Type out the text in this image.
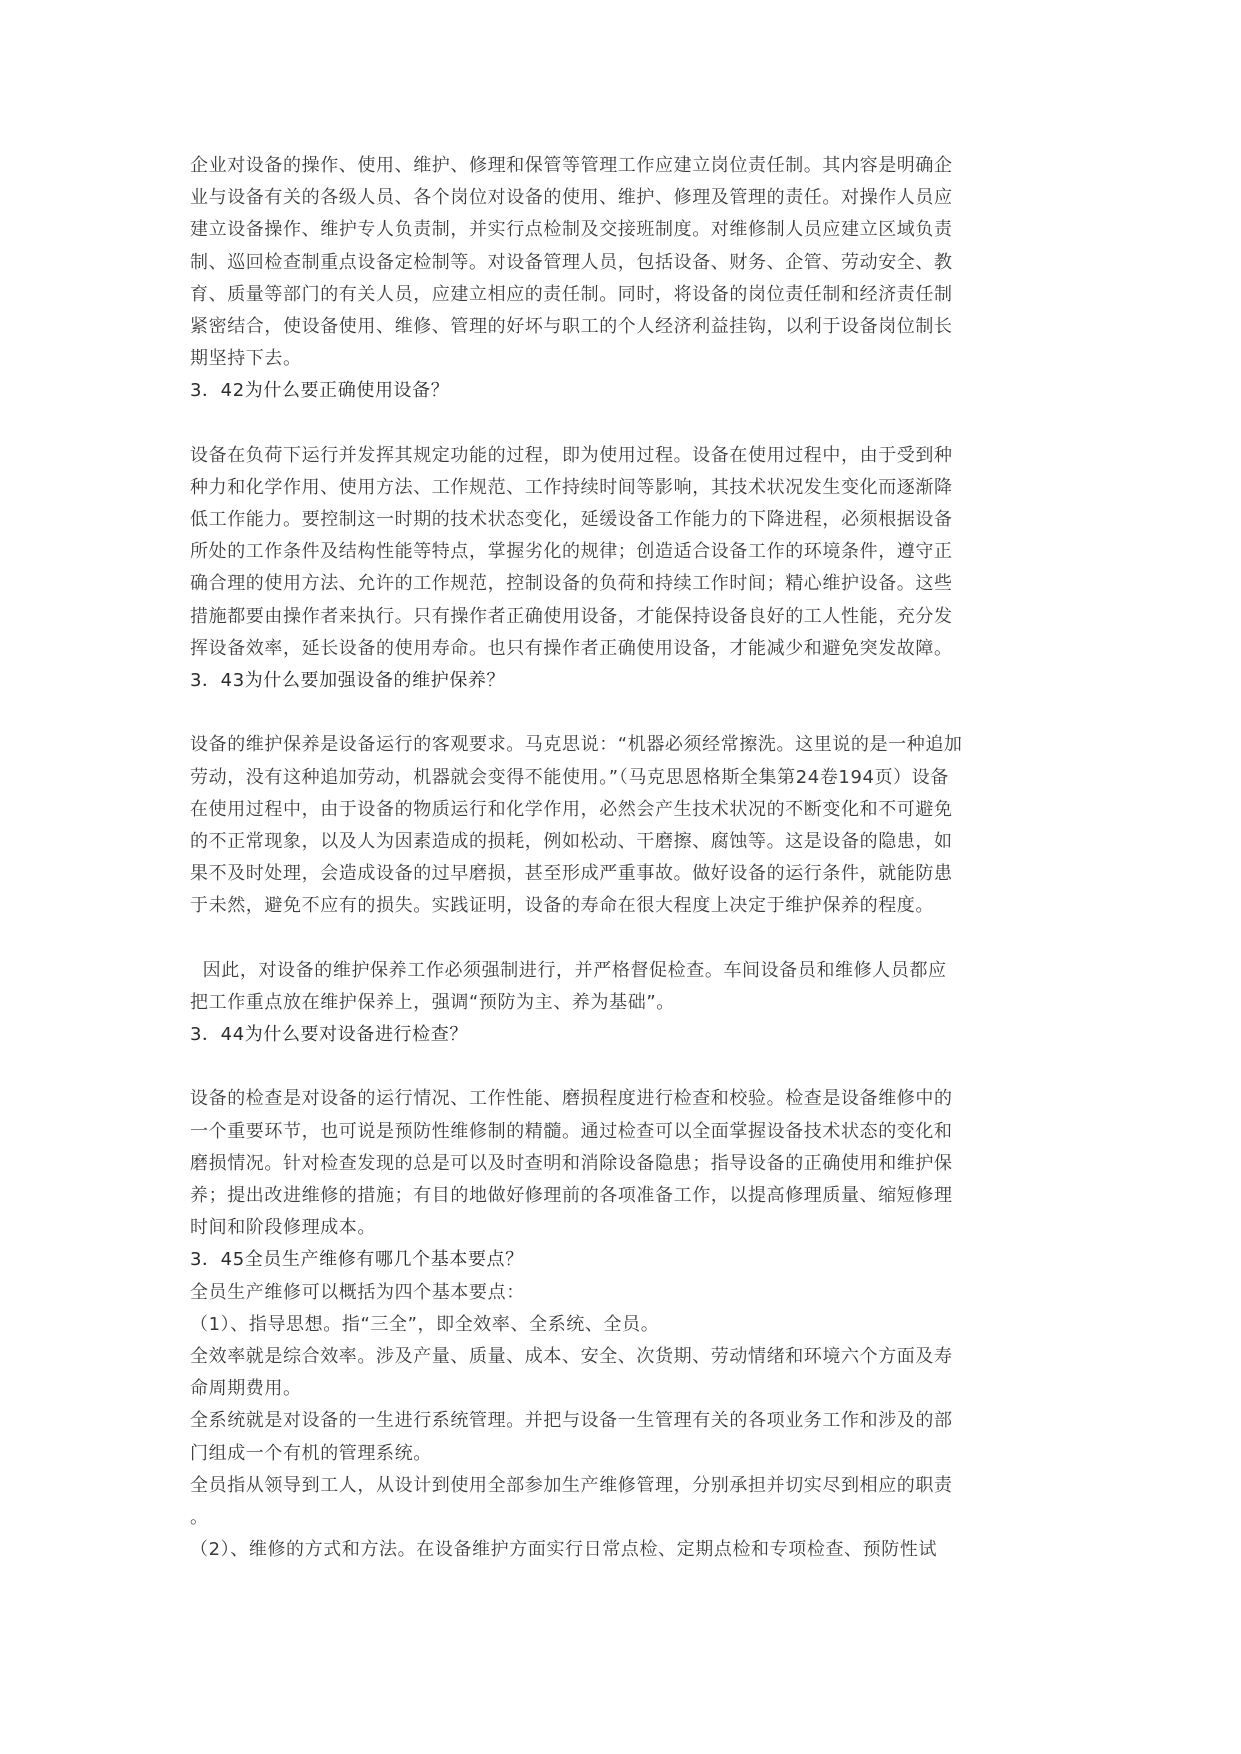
企业对设备的操作、使用、维护、修理和保管等管理工作应建立岗位责任制。其内容是明确企
业与设备有关的各级人员、各个岗位对设备的使用、维护、修理及管理的责任。对操作人员应
建立设备操作、维护专人负责制，并实行点检制及交接班制度。对维修制人员应建立区域负责
制、巡回检查制重点设备定检制等。对设备管理人员，包括设备、财务、企管、劳动安全、教
育、质量等部门的有关人员，应建立相应的责任制。同时，将设备的岗位责任制和经济责任制
紧密结合，使设备使用、维修、管理的好坏与职工的个人经济利益挂钩，以利于设备岗位制长
期坚持下去。
3．42为什么要正确使用设备？
设备在负荷下运行并发挥其规定功能的过程，即为使用过程。设备在使用过程中，由于受到种
种力和化学作用、使用方法、工作规范、工作持续时间等影响，其技术状况发生变化而逐渐降
低工作能力。要控制这一时期的技术状态变化，延缓设备工作能力的下降进程，必须根据设备
所处的工作条件及结构性能等特点，掌握劣化的规律；创造适合设备工作的环境条件，遵守正
确合理的使用方法、允许的工作规范，控制设备的负荷和持续工作时间；精心维护设备。这些
措施都要由操作者来执行。只有操作者正确使用设备，才能保持设备良好的工人性能，充分发
挥设备效率，延长设备的使用寿命。也只有操作者正确使用设备，才能减少和避免突发故障。
3．43为什么要加强设备的维护保养？
设备的维护保养是设备运行的客观要求。马克思说：“机器必须经常擦洗。这里说的是一种追加
劳动，没有这种追加劳动，机器就会变得不能使用。”（马克思恩格斯全集第24卷194页）设备
在使用过程中，由于设备的物质运行和化学作用，必然会产生技术状况的不断变化和不可避免
的不正常现象，以及人为因素造成的损耗，例如松动、干磨擦、腐蚀等。这是设备的隐患，如
果不及时处理，会造成设备的过早磨损，甚至形成严重事故。做好设备的运行条件，就能防患
于未然，避免不应有的损失。实践证明，设备的寿命在很大程度上决定于维护保养的程度。
因此，对设备的维护保养工作必须强制进行，并严格督促检查。车间设备员和维修人员都应
把工作重点放在维护保养上，强调“预防为主、养为基础”。
3．44为什么要对设备进行检查？
设备的检查是对设备的运行情况、工作性能、磨损程度进行检查和校验。检查是设备维修中的
一个重要环节，也可说是预防性维修制的精髓。通过检查可以全面掌握设备技术状态的变化和
磨损情况。针对检查发现的总是可以及时查明和消除设备隐患；指导设备的正确使用和维护保
养；提出改进维修的措施；有目的地做好修理前的各项准备工作，以提高修理质量、缩短修理
时间和阶段修理成本。
3．45全员生产维修有哪几个基本要点？
全员生产维修可以概括为四个基本要点：
（1）、指导思想。指“三全”，即全效率、全系统、全员。
全效率就是综合效率。涉及产量、质量、成本、安全、次货期、劳动情绪和环境六个方面及寿
命周期费用。
全系统就是对设备的一生进行系统管理。并把与设备一生管理有关的各项业务工作和涉及的部
门组成一个有机的管理系统。
全员指从领导到工人，从设计到使用全部参加生产维修管理，分别承担并切实尽到相应的职责
。
（2）、维修的方式和方法。在设备维护方面实行日常点检、定期点检和专项检查、预防性试
